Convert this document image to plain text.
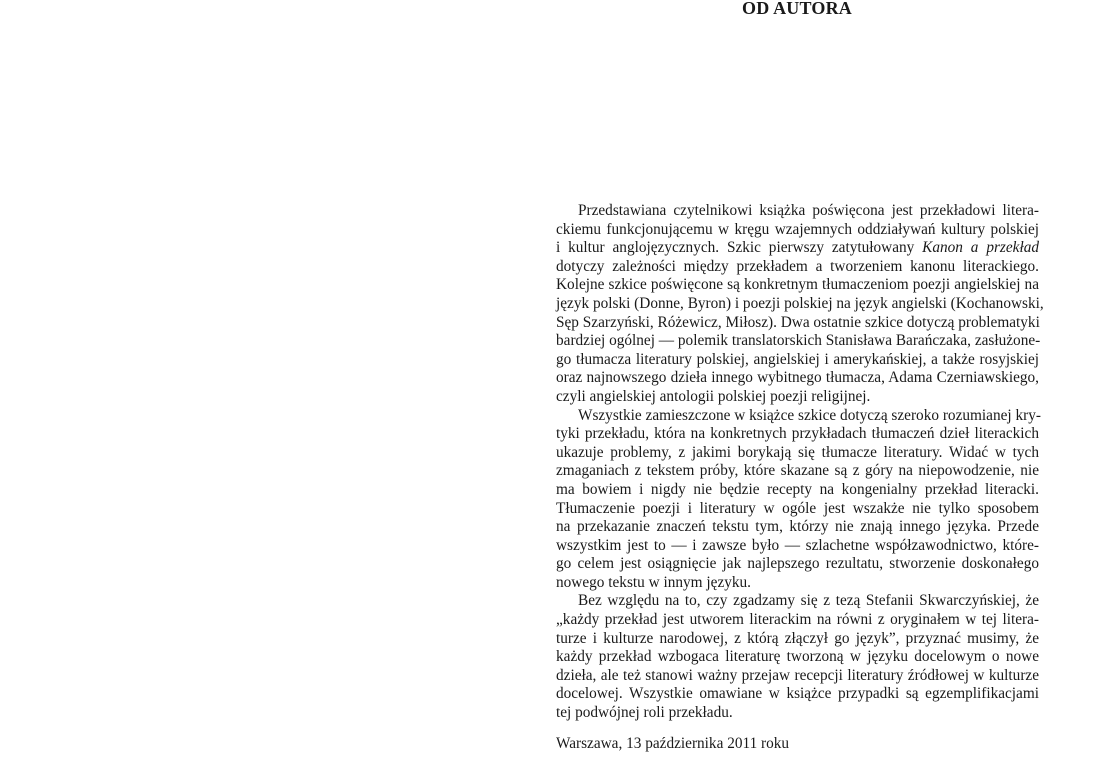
OD AUTORA
Przedstawiana czytelnikowi książka poświęcona jest przekładowi litera-
ckiemu funkcjonującemu w kręgu wzajemnych oddziaływań kultury polskiej
i kultur anglojęzycznych. Szkic pierwszy zatytułowany Kanon a przekład
dotyczy zależności między przekładem a tworzeniem kanonu literackiego.
Kolejne szkice poświęcone są konkretnym tłumaczeniom poezji angielskiej na
język polski (Donne, Byron) i poezji polskiej na język angielski (Kochanowski,
Sęp Szarzyński, Różewicz, Miłosz). Dwa ostatnie szkice dotyczą problematyki
bardziej ogólnej — polemik translatorskich Stanisława Barańczaka, zasłużone-
go tłumacza literatury polskiej, angielskiej i amerykańskiej, a także rosyjskiej
oraz najnowszego dzieła innego wybitnego tłumacza, Adama Czerniawskiego,
czyli angielskiej antologii polskiej poezji religijnej.
Wszystkie zamieszczone w książce szkice dotyczą szeroko rozumianej kry-
tyki przekładu, która na konkretnych przykładach tłumaczeń dzieł literackich
ukazuje problemy, z jakimi borykają się tłumacze literatury. Widać w tych
zmaganiach z tekstem próby, które skazane są z góry na niepowodzenie, nie
ma bowiem i nigdy nie będzie recepty na kongenialny przekład literacki.
Tłumaczenie poezji i literatury w ogóle jest wszakże nie tylko sposobem
na przekazanie znaczeń tekstu tym, którzy nie znają innego języka. Przede
wszystkim jest to — i zawsze było — szlachetne współzawodnictwo, które-
go celem jest osiągnięcie jak najlepszego rezultatu, stworzenie doskonałego
nowego tekstu w innym języku.
Bez względu na to, czy zgadzamy się z tezą Stefanii Skwarczyńskiej, że
„każdy przekład jest utworem literackim na równi z oryginałem w tej litera-
turze i kulturze narodowej, z którą złączył go język”, przyznać musimy, że
każdy przekład wzbogaca literaturę tworzoną w języku docelowym o nowe
dzieła, ale też stanowi ważny przejaw recepcji literatury źródłowej w kulturze
docelowej. Wszystkie omawiane w książce przypadki są egzemplifikacjami
tej podwójnej roli przekładu.
Warszawa, 13 października 2011 roku
